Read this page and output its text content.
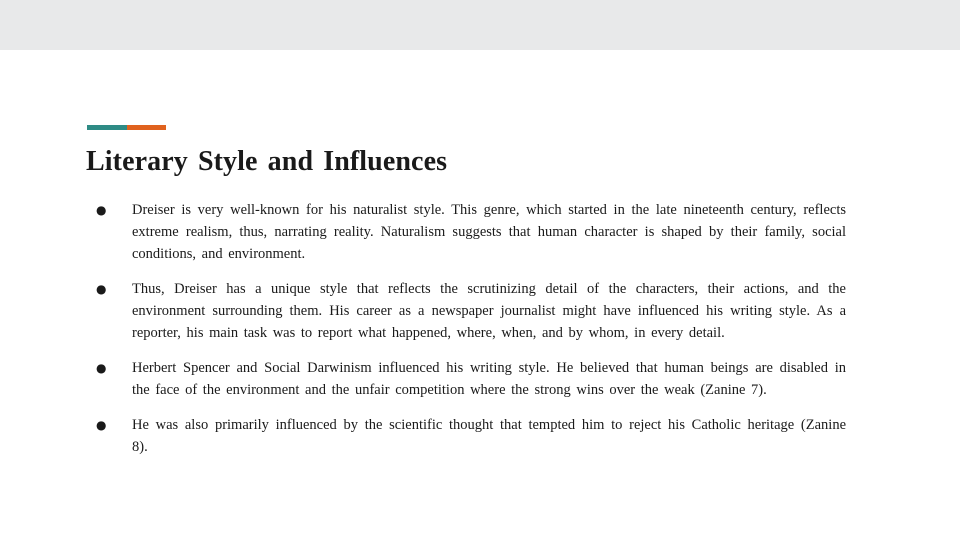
Literary Style and Influences
● Dreiser is very well-known for his naturalist style. This genre, which started in the late nineteenth century, reflects extreme realism, thus, narrating reality. Naturalism suggests that human character is shaped by their family, social conditions, and environment.
● Thus, Dreiser has a unique style that reflects the scrutinizing detail of the characters, their actions, and the environment surrounding them. His career as a newspaper journalist might have influenced his writing style. As a reporter, his main task was to report what happened, where, when, and by whom, in every detail.
● Herbert Spencer and Social Darwinism influenced his writing style. He believed that human beings are disabled in the face of the environment and the unfair competition where the strong wins over the weak (Zanine 7).
● He was also primarily influenced by the scientific thought that tempted him to reject his Catholic heritage (Zanine 8).
